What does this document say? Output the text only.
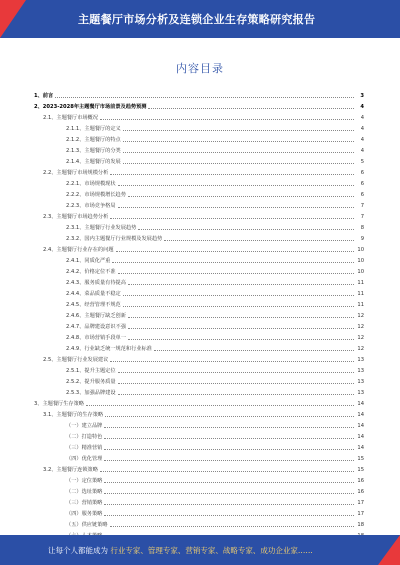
主题餐厅市场分析及连锁企业生存策略研究报告
内容目录
1、前言	3
2、2023-2028年主题餐厅市场前景及趋势预测	4
2.1、主题餐厅市场概况	4
2.1.1、主题餐厅的定义	4
2.1.2、主题餐厅的特点	4
2.1.3、主题餐厅的分类	4
2.1.4、主题餐厅的发展	5
2.2、主题餐厅市场规模分析	6
2.2.1、市场规模现状	6
2.2.2、市场规模增长趋势	6
2.2.3、市场竞争格局	7
2.3、主题餐厅市场趋势分析	7
2.3.1、主题餐厅行业发展趋势	8
2.3.2、国内主题餐厅行业规模及发展趋势	9
2.4、主题餐厅行业存在的问题	10
2.4.1、同质化严重	10
2.4.2、价格定位不准	10
2.4.3、服务质量有待提高	11
2.4.4、菜品质量不稳定	11
2.4.5、经营管理不规范	11
2.4.6、主题餐厅缺乏创新	12
2.4.7、品牌建设意识不强	12
2.4.8、市场营销手段单一	12
2.4.9、行业缺乏统一规范和行业标准	12
2.5、主题餐厅行业发展建议	13
2.5.1、提升主题定位	13
2.5.2、提升服务质量	13
2.5.3、加强品牌建设	13
3、主题餐厅生存策略	14
3.1、主题餐厅的生存策略	14
（一）建立品牌	14
（二）打造特色	14
（三）精准营销	14
（四）优化管理	15
3.2、主题餐厅连锁策略	15
（一）定位策略	16
（二）选址策略	16
（三）营销策略	17
（四）服务策略	17
（五）供应链策略	18
让每个人都能成为 行业专家、管理专家、营销专家、战略专家、成功企业家……
